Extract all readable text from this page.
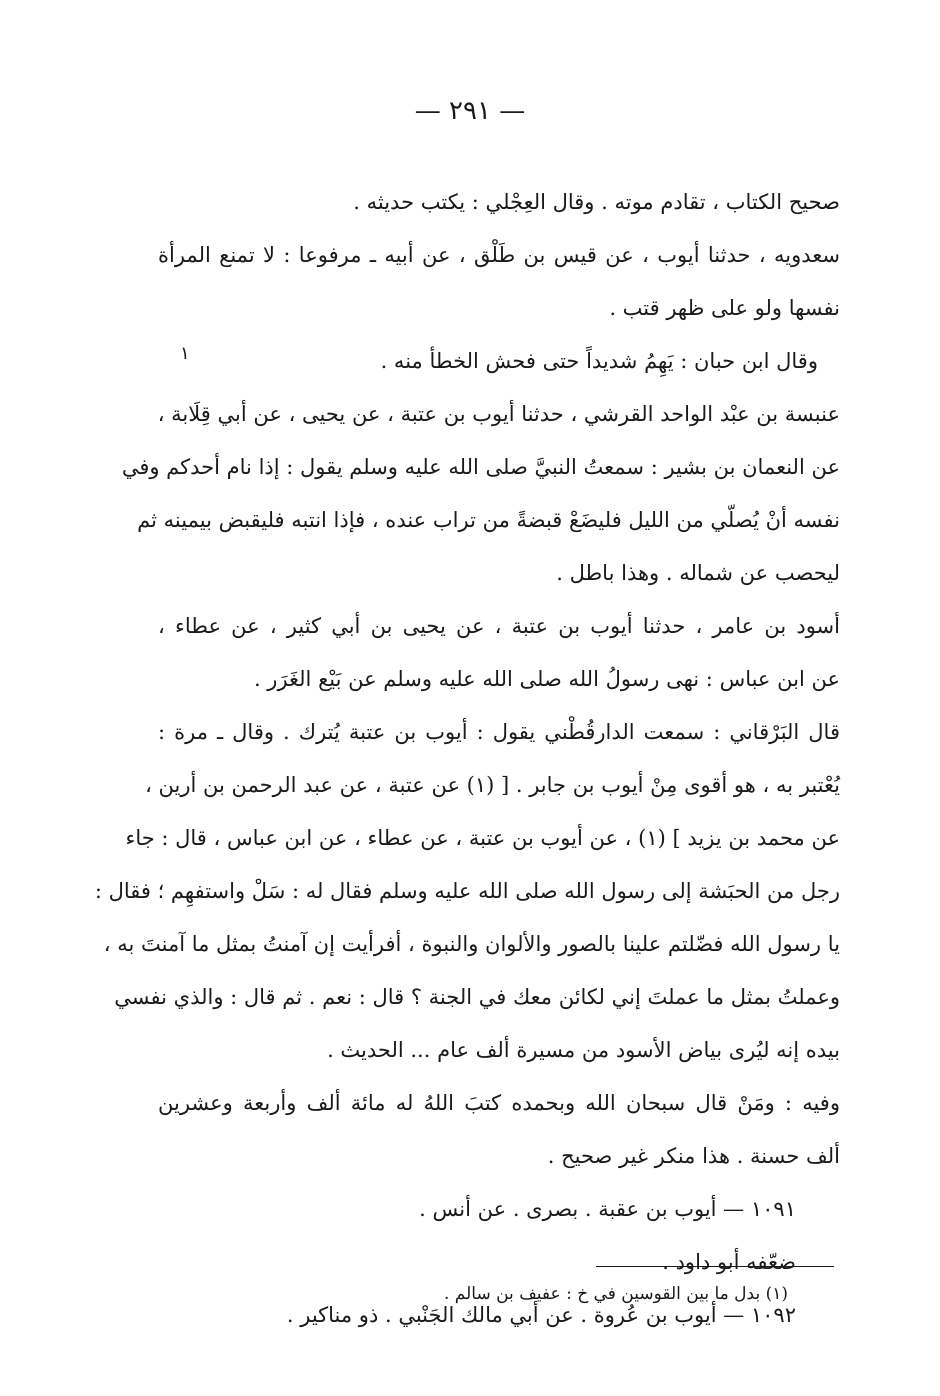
— ٢٩١ —
١
صحيح الكتاب ، تقادم موته . وقال العِجْلي : يكتب حديثه .
سعدويه ، حدثنا أيوب ، عن قيس بن طَلْق ، عن أبيه ـ مرفوعا : لا تمنع المرأة
نفسها ولو على ظهر قتب .
وقال ابن حبان : يَهِمُ شديداً حتى فحش الخطأ منه .
عنبسة بن عبْد الواحد القرشي ، حدثنا أيوب بن عتبة ، عن يحيى ، عن أبي قِلَابة ،
عن النعمان بن بشير : سمعتُ النبيَّ صلى الله عليه وسلم يقول : إذا نام أحدكم وفي
نفسه أنْ يُصلّي من الليل فليضَعْ قبضةً من تراب عنده ، فإذا انتبه فليقبض بيمينه ثم
ليحصب عن شماله . وهذا باطل .
أسود بن عامر ، حدثنا أيوب بن عتبة ، عن يحيى بن أبي كثير ، عن عطاء ،
عن ابن عباس : نهى رسولُ الله صلى الله عليه وسلم عن بَيْع الغَرَر .
قال البَرْقاني : سمعت الدارقُطْني يقول : أيوب بن عتبة يُترك . وقال ـ مرة :
يُعْتبر به ، هو أقوى مِنْ أيوب بن جابر . [ (١) عن عتبة ، عن عبد الرحمن بن أرين ،
عن محمد بن يزيد ] (١) ، عن أيوب بن عتبة ، عن عطاء ، عن ابن عباس ، قال : جاء
رجل من الحبَشة إلى رسول الله صلى الله عليه وسلم فقال له : سَلْ واستفهِم ؛ فقال :
يا رسول الله فضّلتم علينا بالصور والألوان والنبوة ، أفرأيت إن آمنتُ بمثل ما آمنتَ به ،
وعملتُ بمثل ما عملتَ إني لكائن معك في الجنة ؟ قال : نعم . ثم قال : والذي نفسي
بيده إنه ليُرى بياض الأسود من مسيرة ألف عام ... الحديث .
وفيه : ومَنْ قال سبحان الله وبحمده كتبَ اللهُ له مائة ألف وأربعة وعشرين
ألف حسنة . هذا منكر غير صحيح .
١٠٩١ — أيوب بن عقبة . بصرى . عن أنس .
ضعّفه أبو داود .
١٠٩٢ — أيوب بن عُروة . عن أبي مالك الجَنْبي . ذو مناكير .
(١) بدل ما بين القوسين في خ : عفيف بن سالم .
